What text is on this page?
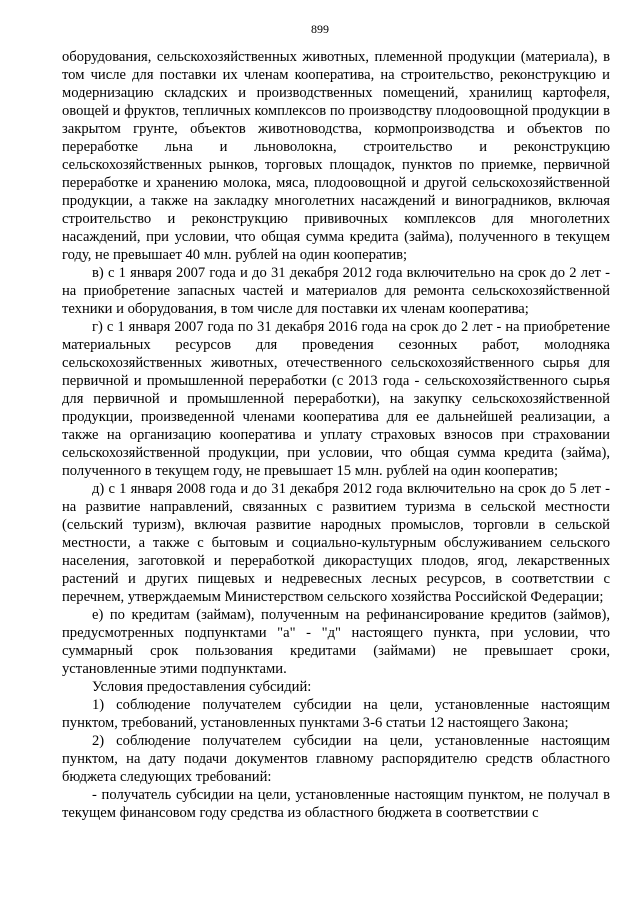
899

оборудования, сельскохозяйственных животных, племенной продукции (материала), в том числе для поставки их членам кооператива, на строительство, реконструкцию и модернизацию складских и производственных помещений, хранилищ картофеля, овощей и фруктов, тепличных комплексов по производству плодоовощной продукции в закрытом грунте, объектов животноводства, кормопроизводства и объектов по переработке льна и льноволокна, строительство и реконструкцию сельскохозяйственных рынков, торговых площадок, пунктов по приемке, первичной переработке и хранению молока, мяса, плодоовощной и другой сельскохозяйственной продукции, а также на закладку многолетних насаждений и виноградников, включая строительство и реконструкцию прививочных комплексов для многолетних насаждений, при условии, что общая сумма кредита (займа), полученного в текущем году, не превышает 40 млн. рублей на один кооператив;

в) с 1 января 2007 года и до 31 декабря 2012 года включительно на срок до 2 лет - на приобретение запасных частей и материалов для ремонта сельскохозяйственной техники и оборудования, в том числе для поставки их членам кооператива;

г) с 1 января 2007 года по 31 декабря 2016 года на срок до 2 лет - на приобретение материальных ресурсов для проведения сезонных работ, молодняка сельскохозяйственных животных, отечественного сельскохозяйственного сырья для первичной и промышленной переработки (с 2013 года - сельскохозяйственного сырья для первичной и промышленной переработки), на закупку сельскохозяйственной продукции, произведенной членами кооператива для ее дальнейшей реализации, а также на организацию кооператива и уплату страховых взносов при страховании сельскохозяйственной продукции, при условии, что общая сумма кредита (займа), полученного в текущем году, не превышает 15 млн. рублей на один кооператив;

д) с 1 января 2008 года и до 31 декабря 2012 года включительно на срок до 5 лет - на развитие направлений, связанных с развитием туризма в сельской местности (сельский туризм), включая развитие народных промыслов, торговли в сельской местности, а также с бытовым и социально-культурным обслуживанием сельского населения, заготовкой и переработкой дикорастущих плодов, ягод, лекарственных растений и других пищевых и недревесных лесных ресурсов, в соответствии с перечнем, утверждаемым Министерством сельского хозяйства Российской Федерации;

е) по кредитам (займам), полученным на рефинансирование кредитов (займов), предусмотренных подпунктами "а" - "д" настоящего пункта, при условии, что суммарный срок пользования кредитами (займами) не превышает сроки, установленные этими подпунктами.

Условия предоставления субсидий:

1) соблюдение получателем субсидии на цели, установленные настоящим пунктом, требований, установленных пунктами 3-6 статьи 12 настоящего Закона;

2) соблюдение получателем субсидии на цели, установленные настоящим пунктом, на дату подачи документов главному распорядителю средств областного бюджета следующих требований:

- получатель субсидии на цели, установленные настоящим пунктом, не получал в текущем финансовом году средства из областного бюджета в соответствии с
